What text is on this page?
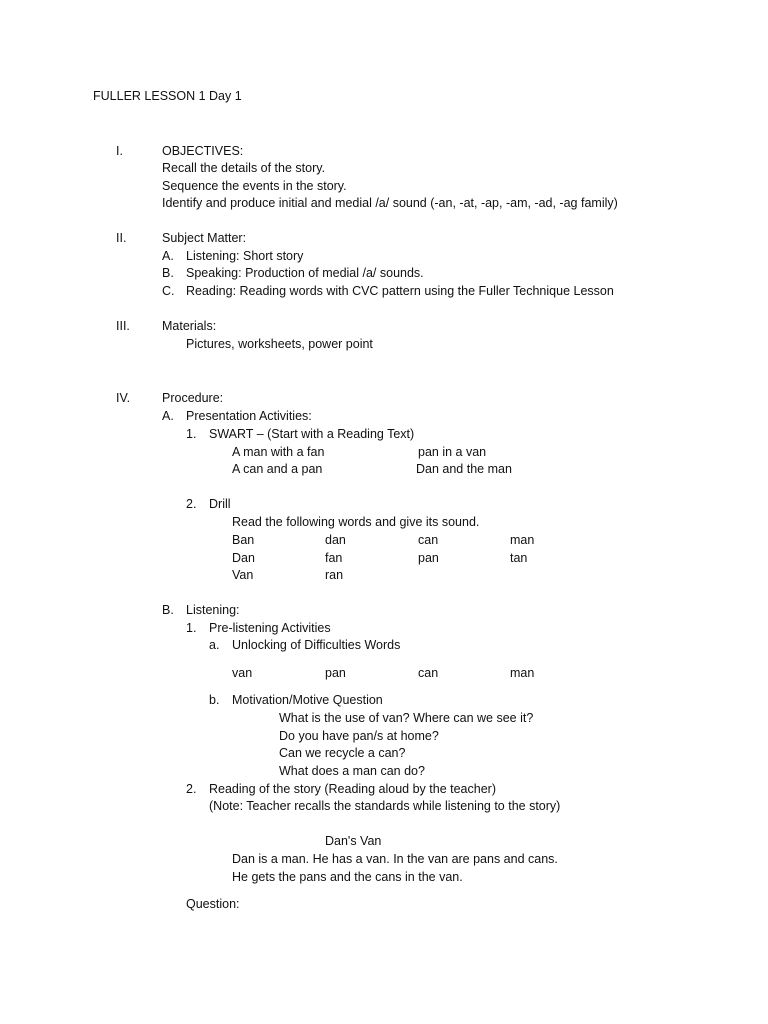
FULLER LESSON 1 Day 1
I.	OBJECTIVES:
Recall the details of the story.
Sequence the events in the story.
Identify and produce initial and medial /a/ sound (-an, -at, -ap, -am, -ad, -ag family)
II.	Subject Matter:
A. Listening: Short story
B. Speaking: Production of medial /a/ sounds.
C. Reading: Reading words with CVC pattern using the Fuller Technique Lesson
III.	Materials:
Pictures, worksheets, power point
IV.	Procedure:
A. Presentation Activities:
1. SWART – (Start with a Reading Text)
A man with a fan	pan in a van
A can and a pan	Dan and the man
2. Drill
Read the following words and give its sound.
Ban	dan	can	man
Dan	fan	pan	tan
Van	ran
B. Listening:
1. Pre-listening Activities
a. Unlocking of Difficulties Words
van	pan	can	man
b. Motivation/Motive Question
What is the use of van? Where can we see it?
Do you have pan/s at home?
Can we recycle a can?
What does a man can do?
2. Reading of the story (Reading aloud by the teacher)
(Note: Teacher recalls the standards while listening to the story)
Dan's Van
Dan is a man. He has a van. In the van are pans and cans.
He gets the pans and the cans in the van.
Question:
